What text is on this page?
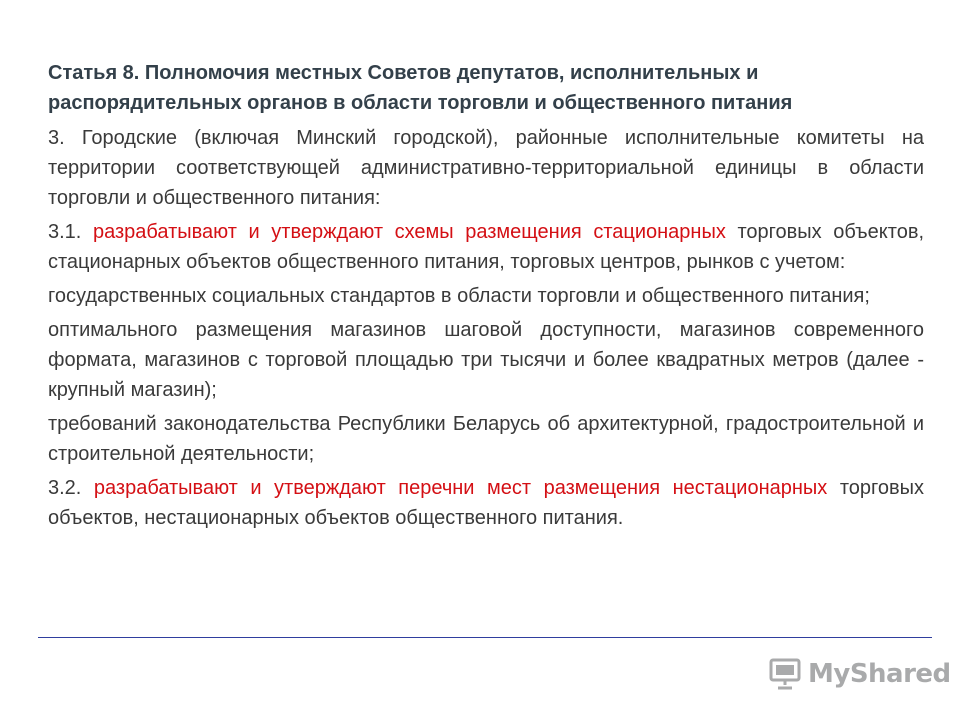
Статья 8. Полномочия местных Советов депутатов, исполнительных и распорядительных органов в области торговли и общественного питания

3. Городские (включая Минский городской), районные исполнительные комитеты на территории соответствующей административно-территориальной единицы в области торговли и общественного питания:

3.1. разрабатывают и утверждают схемы размещения стационарных торговых объектов, стационарных объектов общественного питания, торговых центров, рынков с учетом:

государственных социальных стандартов в области торговли и общественного питания;

оптимального размещения магазинов шаговой доступности, магазинов современного формата, магазинов с торговой площадью три тысячи и более квадратных метров (далее - крупный магазин);

требований законодательства Республики Беларусь об архитектурной, градостроительной и строительной деятельности;

3.2. разрабатывают и утверждают перечни мест размещения нестационарных торговых объектов, нестационарных объектов общественного питания.

MyShared
